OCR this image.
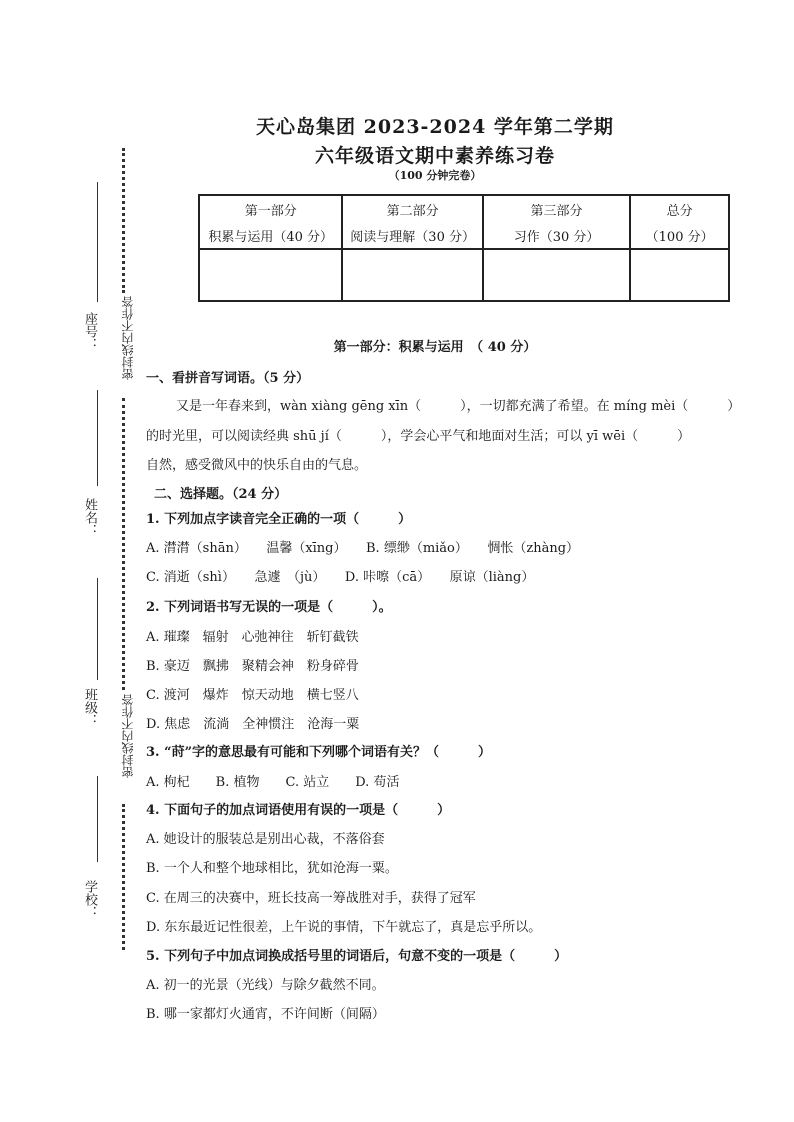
天心岛集团 2023-2024 学年第二学期
六年级语文期中素养练习卷
（100 分钟完卷）
第一部分	第二部分	第三部分	总分
积累与运用（40 分）	阅读与理解（30 分）	习作（30 分）	（100 分）

座号：
姓名：
班级：
学校：
密封线内不作答
密封线内不作答
第一部分：积累与运用　（ 40 分）
一、看拼音写词语。（5 分）
又是一年春来到，wàn xiàng gēng xīn（　　　），一切都充满了希望。在 míng mèi（　　　）
的时光里，可以阅读经典 shū jí（　　　），学会心平气和地面对生活；可以 yī wēi（　　　）
自然，感受微风中的快乐自由的气息。
二、选择题。（24 分）
1. 下列加点字读音完全正确的一项（　　　）
A. 潸潸（shān）　　温馨（xīng）　　B. 缥缈（miǎo）　　惆怅（zhàng）
C. 消逝（shì）　　急遽　（jù）　　D. 咔嚓（cā）　　原谅（liàng）
2. 下列词语书写无误的一项是（　　　）。
A. 璀璨　辐射　心弛神往　斩钉截铁
B. 豪迈　飘拂　聚精会神　粉身碎骨
C. 渡河　爆炸　惊天动地　横七竖八
D. 焦虑　流淌　全神惯注　沧海一粟
3. “莳”字的意思最有可能和下列哪个词语有关？（　　　）
A. 枸杞　　B. 植物　　C. 站立　　D. 苟活
4. 下面句子的加点词语使用有误的一项是（　　　）
A. 她设计的服装总是别出心裁，不落俗套
B. 一个人和整个地球相比，犹如沧海一粟。
C. 在周三的决赛中，班长技高一筹战胜对手，获得了冠军
D. 东东最近记性很差，上午说的事情，下午就忘了，真是忘乎所以。
5. 下列句子中加点词换成括号里的词语后，句意不变的一项是（　　　）
A. 初一的光景（光线）与除夕截然不同。
B. 哪一家都灯火通宵，不许间断（间隔）
